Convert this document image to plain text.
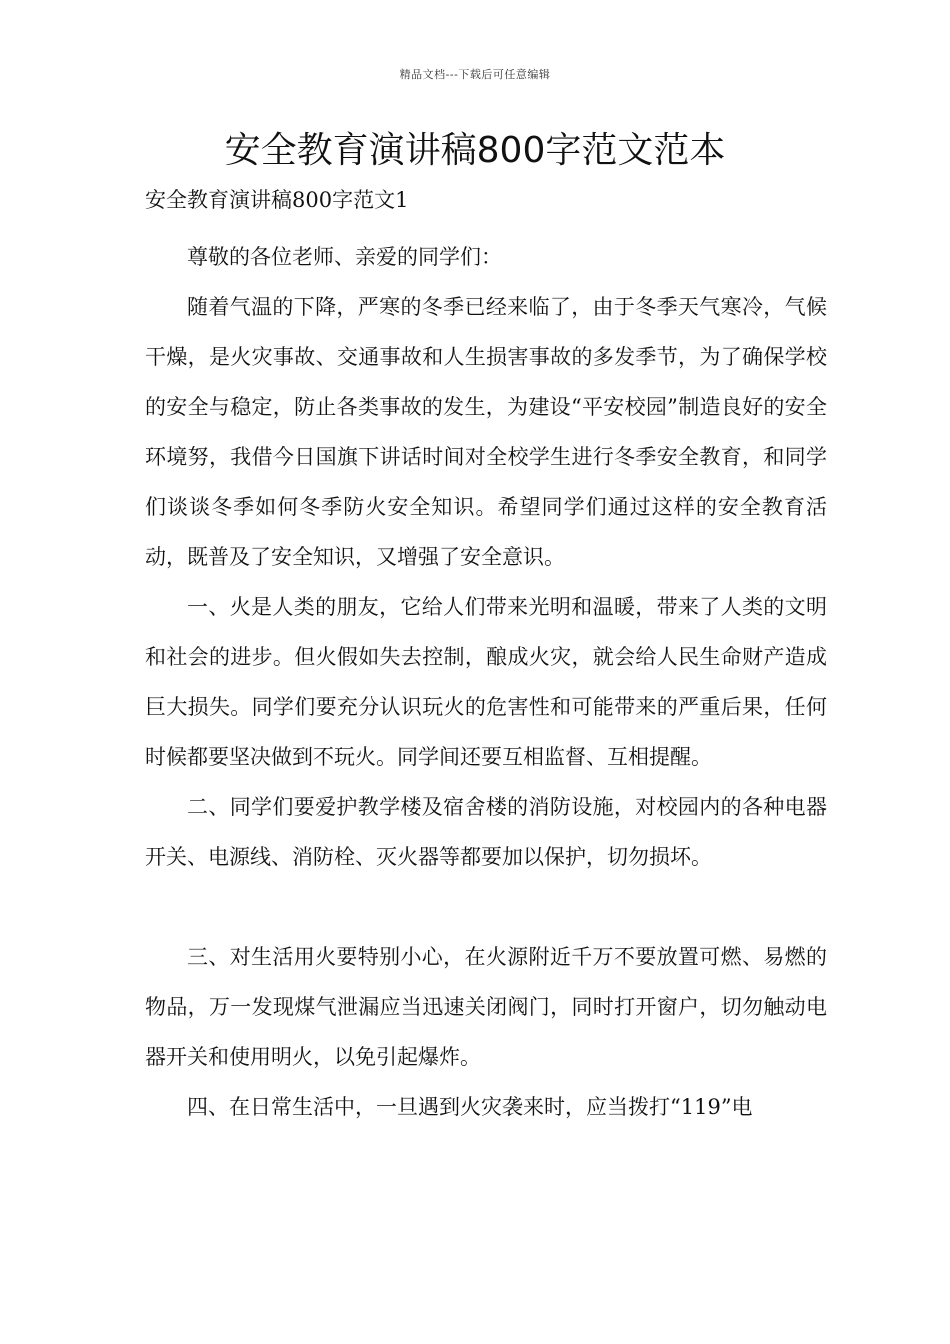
精品文档---下载后可任意编辑
安全教育演讲稿800字范文范本
安全教育演讲稿800字范文1

尊敬的各位老师、亲爱的同学们：

随着气温的下降，严寒的冬季已经来临了，由于冬季天气寒冷，气候干燥，是火灾事故、交通事故和人生损害事故的多发季节，为了确保学校的安全与稳定，防止各类事故的发生，为建设“平安校园”制造良好的安全环境努，我借今日国旗下讲话时间对全校学生进行冬季安全教育，和同学们谈谈冬季如何冬季防火安全知识。希望同学们通过这样的安全教育活动，既普及了安全知识，又增强了安全意识。

一、火是人类的朋友，它给人们带来光明和温暖，带来了人类的文明和社会的进步。但火假如失去控制，酿成火灾，就会给人民生命财产造成巨大损失。同学们要充分认识玩火的危害性和可能带来的严重后果，任何时候都要坚决做到不玩火。同学间还要互相监督、互相提醒。

二、同学们要爱护教学楼及宿舍楼的消防设施，对校园内的各种电器开关、电源线、消防栓、灭火器等都要加以保护，切勿损坏。

三、对生活用火要特别小心，在火源附近千万不要放置可燃、易燃的物品，万一发现煤气泄漏应当迅速关闭阀门，同时打开窗户，切勿触动电器开关和使用明火，以免引起爆炸。

四、在日常生活中，一旦遇到火灾袭来时，应当拨打“119”电
